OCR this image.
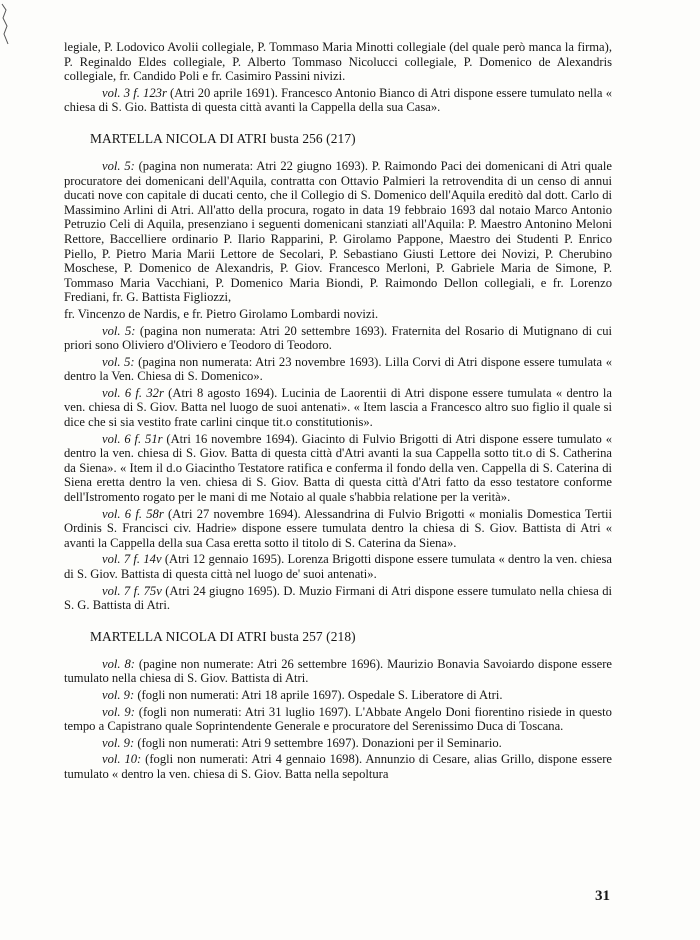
legiale, P. Lodovico Avolii collegiale, P. Tommaso Maria Minotti collegiale (del quale però manca la firma), P. Reginaldo Eldes collegiale, P. Alberto Tommaso Nicolucci collegiale, P. Domenico de Alexandris collegiale, fr. Candido Poli e fr. Casimiro Passini nivizi.

vol. 3 f. 123r (Atri 20 aprile 1691). Francesco Antonio Bianco di Atri dispone essere tumulato nella « chiesa di S. Gio. Battista di questa città avanti la Cappella della sua Casa».

MARTELLA NICOLA DI ATRI busta 256 (217)

vol. 5: (pagina non numerata: Atri 22 giugno 1693). P. Raimondo Paci dei domenicani di Atri quale procuratore dei domenicani dell'Aquila, contratta con Ottavio Palmieri la retrovendita di un censo di annui ducati nove con capitale di ducati cento, che il Collegio di S. Domenico dell'Aquila ereditò dal dott. Carlo di Massimino Arlini di Atri. All'atto della procura, rogato in data 19 febbraio 1693 dal notaio Marco Antonio Petruzio Celi di Aquila, presenziano i seguenti domenicani stanziati all'Aquila: P. Maestro Antonino Meloni Rettore, Baccelliere ordinario P. Ilario Rapparini, P. Girolamo Pappone, Maestro dei Studenti P. Enrico Piello, P. Pietro Maria Marii Lettore de Secolari, P. Sebastiano Giusti Lettore dei Novizi, P. Cherubino Moschese, P. Domenico de Alexandris, P. Giov. Francesco Merloni, P. Gabriele Maria de Simone, P. Tommaso Maria Vacchiani, P. Domenico Maria Biondi, P. Raimondo Dellon collegiali, e fr. Lorenzo Frediani, fr. G. Battista Figliozzi,

fr. Vincenzo de Nardis, e fr. Pietro Girolamo Lombardi novizi.

vol. 5: (pagina non numerata: Atri 20 settembre 1693). Fraternita del Rosario di Mutignano di cui priori sono Oliviero d'Oliviero e Teodoro di Teodoro.

vol. 5: (pagina non numerata: Atri 23 novembre 1693). Lilla Corvi di Atri dispone essere tumulata « dentro la Ven. Chiesa di S. Domenico».

vol. 6 f. 32r (Atri 8 agosto 1694). Lucinia de Laorentii di Atri dispone essere tumulata « dentro la ven. chiesa di S. Giov. Batta nel luogo de suoi antenati». « Item lascia a Francesco altro suo figlio il quale si dice che si sia vestito frate carlini cinque tit.o constitutionis».

vol. 6 f. 51r (Atri 16 novembre 1694). Giacinto di Fulvio Brigotti di Atri dispone essere tumulato « dentro la ven. chiesa di S. Giov. Batta di questa città d'Atri avanti la sua Cappella sotto tit.o di S. Catherina da Siena». « Item il d.o Giacintho Testatore ratifica e conferma il fondo della ven. Cappella di S. Caterina di Siena eretta dentro la ven. chiesa di S. Giov. Batta di questa città d'Atri fatto da esso testatore conforme dell'Istromento rogato per le mani di me Notaio al quale s'habbia relatione per la verità».

vol. 6 f. 58r (Atri 27 novembre 1694). Alessandrina di Fulvio Brigotti « monialis Domestica Tertii Ordinis S. Francisci civ. Hadrie» dispone essere tumulata dentro la chiesa di S. Giov. Battista di Atri « avanti la Cappella della sua Casa eretta sotto il titolo di S. Caterina da Siena».

vol. 7 f. 14v (Atri 12 gennaio 1695). Lorenza Brigotti dispone essere tumulata « dentro la ven. chiesa di S. Giov. Battista di questa città nel luogo de' suoi antenati».

vol. 7 f. 75v (Atri 24 giugno 1695). D. Muzio Firmani di Atri dispone essere tumulato nella chiesa di S. G. Battista di Atri.

MARTELLA NICOLA DI ATRI busta 257 (218)

vol. 8: (pagine non numerate: Atri 26 settembre 1696). Maurizio Bonavia Savoiardo dispone essere tumulato nella chiesa di S. Giov. Battista di Atri.

vol. 9: (fogli non numerati: Atri 18 aprile 1697). Ospedale S. Liberatore di Atri.

vol. 9: (fogli non numerati: Atri 31 luglio 1697). L'Abbate Angelo Doni fiorentino risiede in questo tempo a Capistrano quale Soprintendente Generale e procuratore del Serenissimo Duca di Toscana.

vol. 9: (fogli non numerati: Atri 9 settembre 1697). Donazioni per il Seminario.

vol. 10: (fogli non numerati: Atri 4 gennaio 1698). Annunzio di Cesare, alias Grillo, dispone essere tumulato « dentro la ven. chiesa di S. Giov. Batta nella sepoltura

31
